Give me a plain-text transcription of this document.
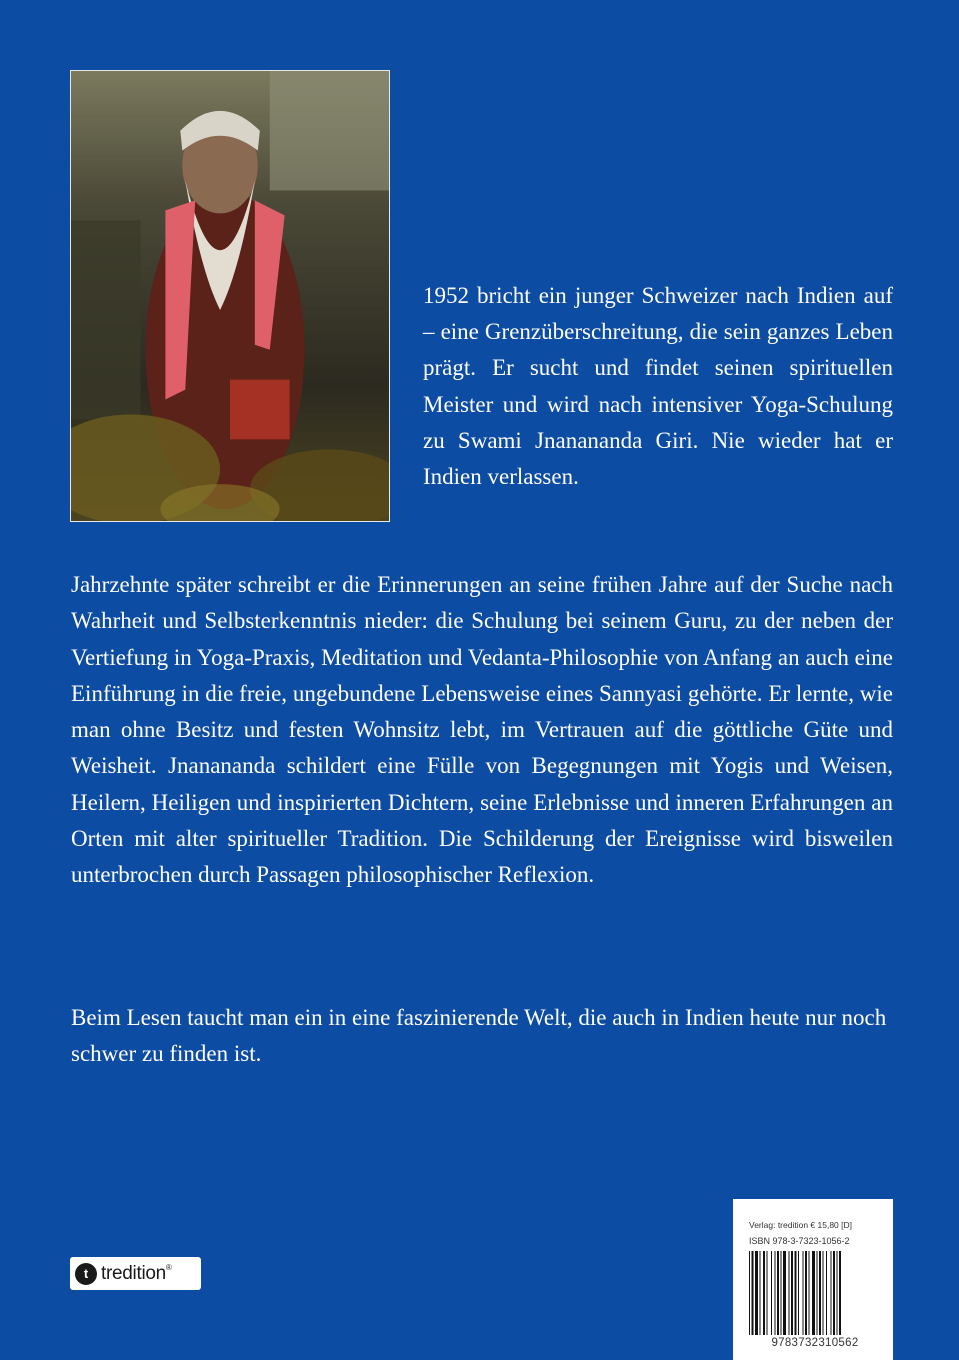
1952 bricht ein junger Schweizer nach Indien auf – eine Grenzüberschreitung, die sein ganzes Leben prägt. Er sucht und findet seinen spirituellen Meister und wird nach intensiver Yoga-Schulung zu Swami Jnanananda Giri. Nie wieder hat er Indien verlassen.

Jahrzehnte später schreibt er die Erinnerungen an seine frühen Jahre auf der Suche nach Wahrheit und Selbsterkenntnis nieder: die Schulung bei seinem Guru, zu der neben der Vertiefung in Yoga-Praxis, Meditation und Vedanta-Philosophie von Anfang an auch eine Einführung in die freie, ungebundene Lebensweise eines Sannyasi gehörte. Er lernte, wie man ohne Besitz und festen Wohnsitz lebt, im Vertrauen auf die göttliche Güte und Weisheit. Jnanananda schildert eine Fülle von Begegnungen mit Yogis und Weisen, Heilern, Heiligen und inspirierten Dichtern, seine Erlebnisse und inneren Erfahrungen an Orten mit alter spiritueller Tradition. Die Schilderung der Ereignisse wird bisweilen unterbrochen durch Passagen philosophischer Reflexion.

Beim Lesen taucht man ein in eine faszinierende Welt, die auch in Indien heute nur noch schwer zu finden ist.

t tredition ®
Verlag: tredition € 15,80 [D]
ISBN 978-3-7323-1056-2
9783732310562
